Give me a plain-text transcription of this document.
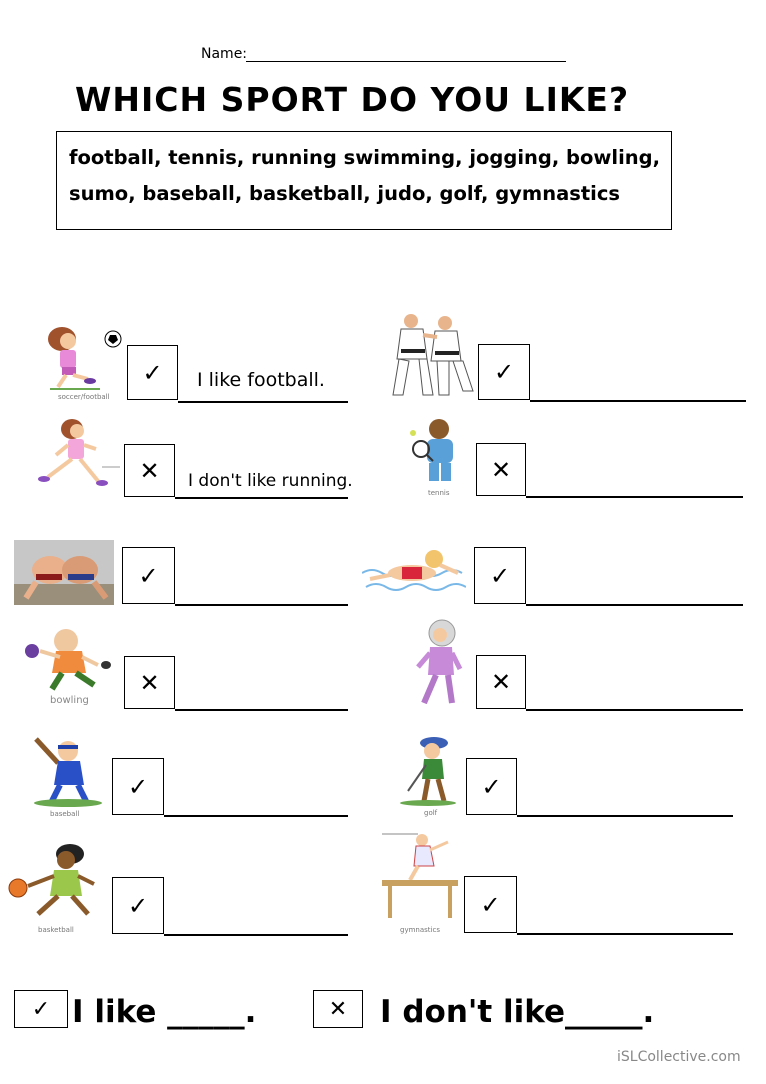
Name:
WHICH SPORT DO YOU LIKE?
football, tennis, running swimming, jogging, bowling,
sumo, baseball, basketball, judo, golf, gymnastics
soccer/football
✓	I like football.	✓
✕	I don't like running.
tennis
✕
✓	✓
bowling
✕	✕
baseball
✓
golf
✓
basketball
✓
gymnastics
✓
✓ I like _____.	✕	I don't like_____.
iSLCollective.com
